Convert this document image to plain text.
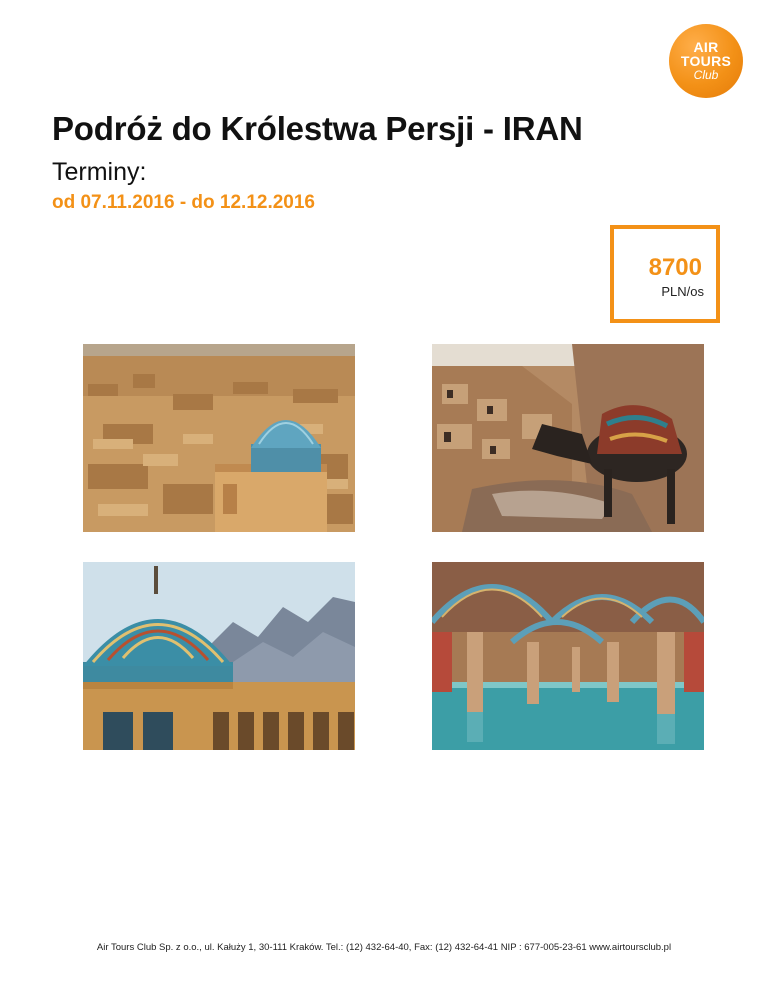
AIR
TOURS
Club
Podróż do Królestwa Persji - IRAN
Terminy:
od 07.11.2016 - do 12.12.2016
8700
PLN/os
Air Tours Club Sp. z o.o., ul. Kałuży 1, 30-111 Kraków. Tel.: (12) 432-64-40, Fax: (12) 432-64-41 NIP : 677-005-23-61 www.airtoursclub.pl
